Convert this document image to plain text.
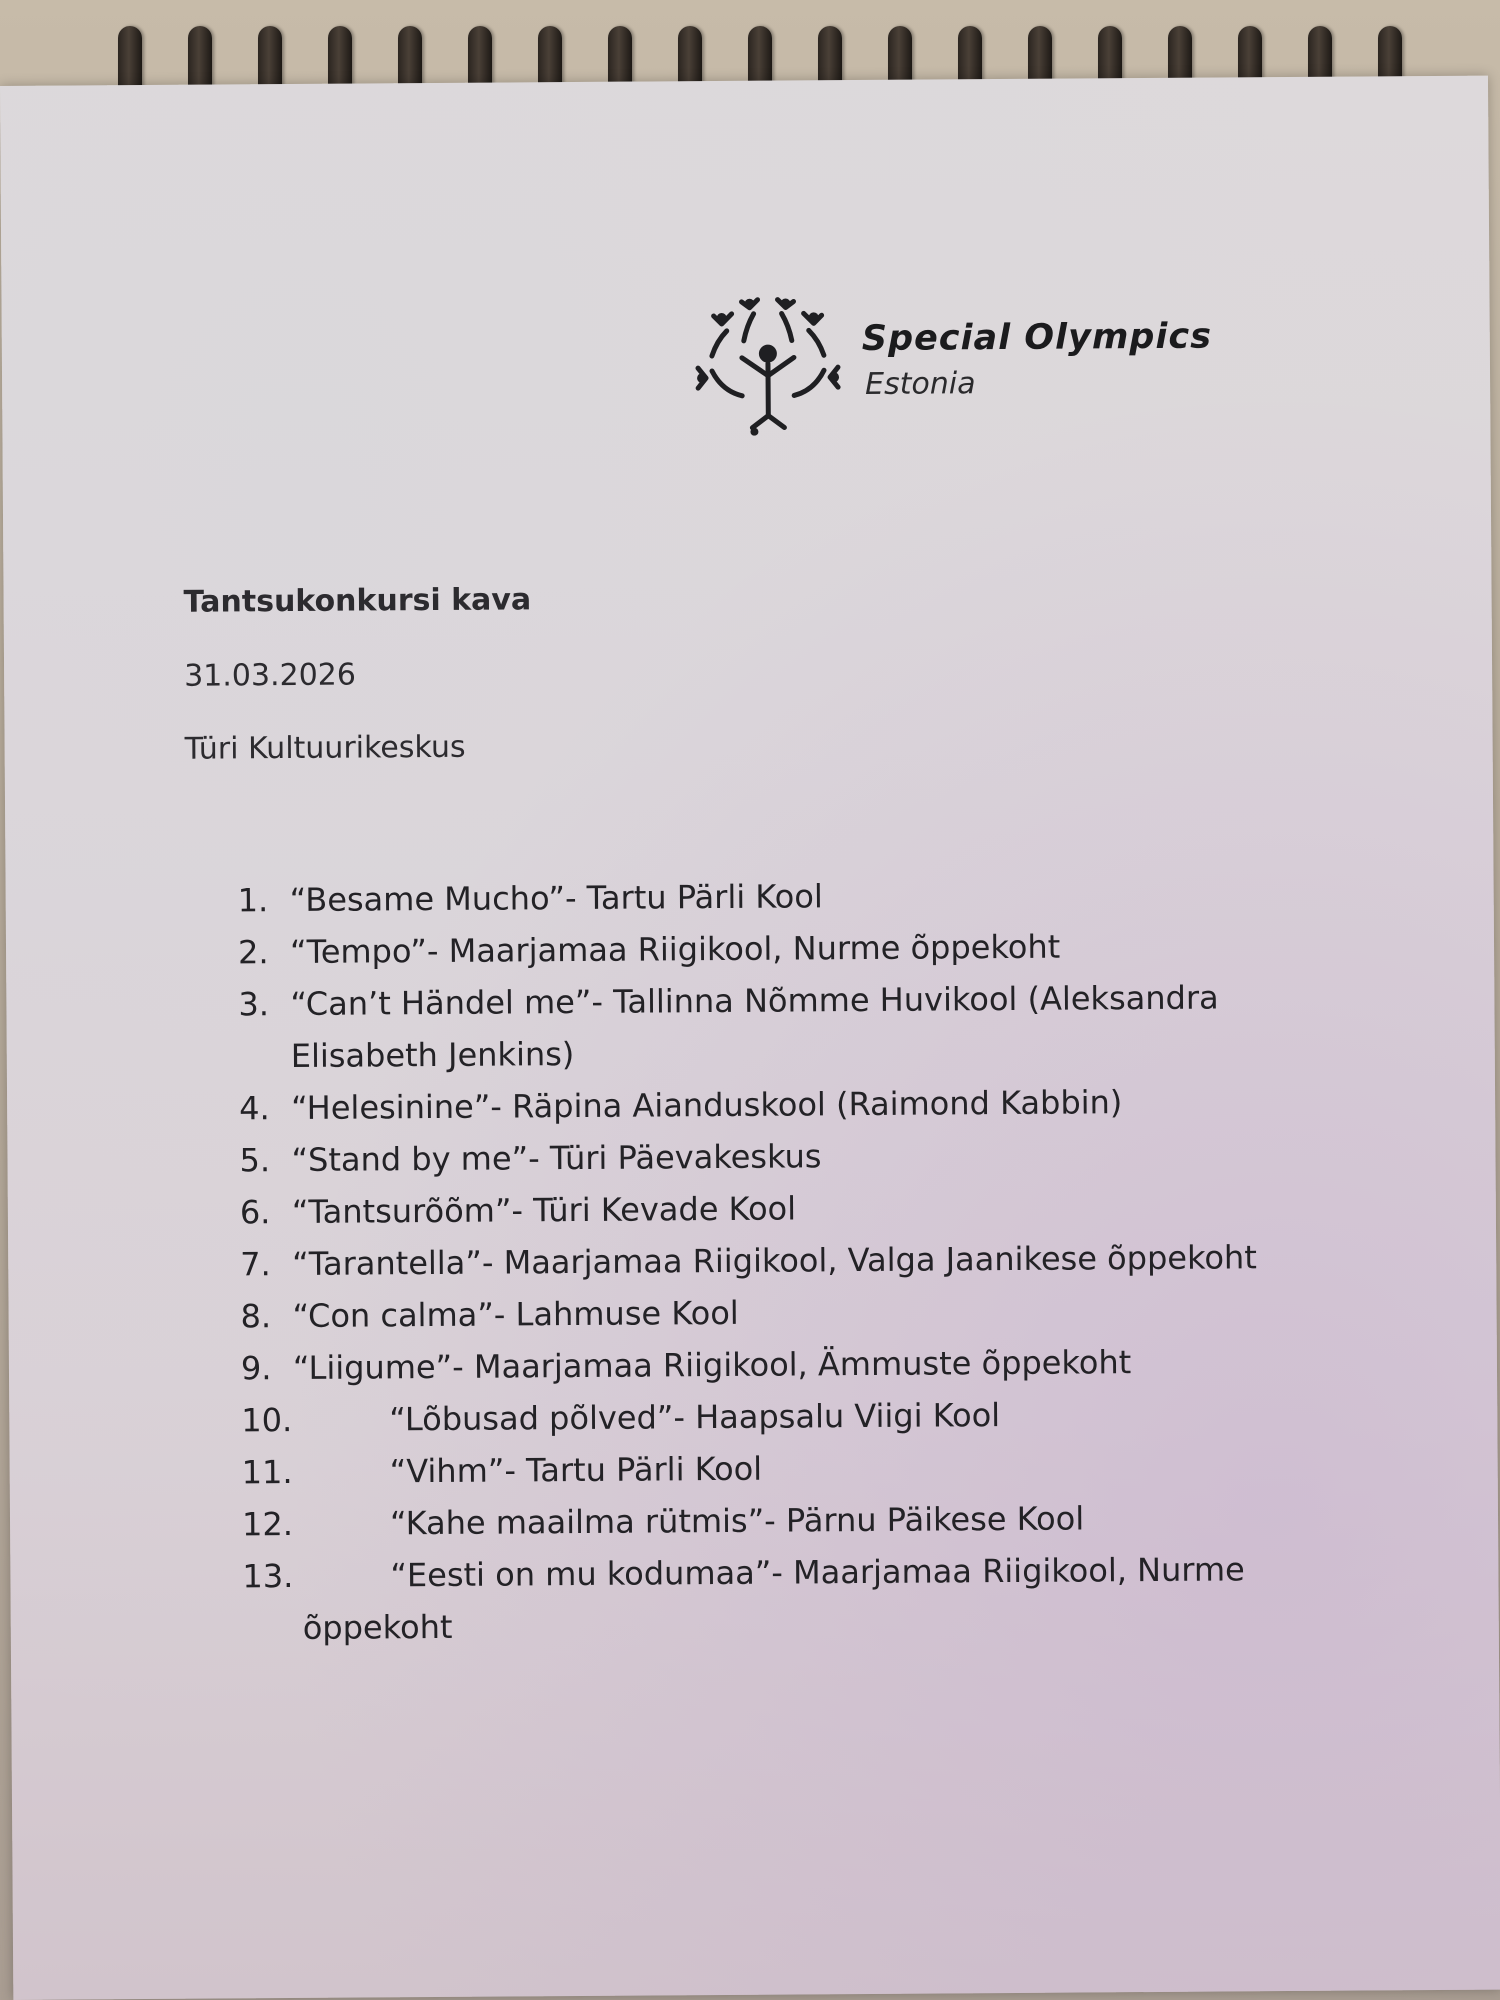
Special Olympics
Estonia
Tantsukonkursi kava
31.03.2026
Türi Kultuurikeskus
1. “Besame Mucho”- Tartu Pärli Kool
2. “Tempo”- Maarjamaa Riigikool, Nurme õppekoht
3. “Can’t Händel me”- Tallinna Nõmme Huvikool (Aleksandra
Elisabeth Jenkins)
4. “Helesinine”- Räpina Aianduskool (Raimond Kabbin)
5. “Stand by me”- Türi Päevakeskus
6. “Tantsurõõm”- Türi Kevade Kool
7. “Tarantella”- Maarjamaa Riigikool, Valga Jaanikese õppekoht
8. “Con calma”- Lahmuse Kool
9. “Liigume”- Maarjamaa Riigikool, Ämmuste õppekoht
10.	“Lõbusad põlved”- Haapsalu Viigi Kool
11.	“Vihm”- Tartu Pärli Kool
12.	“Kahe maailma rütmis”- Pärnu Päikese Kool
13.	“Eesti on mu kodumaa”- Maarjamaa Riigikool, Nurme
õppekoht
